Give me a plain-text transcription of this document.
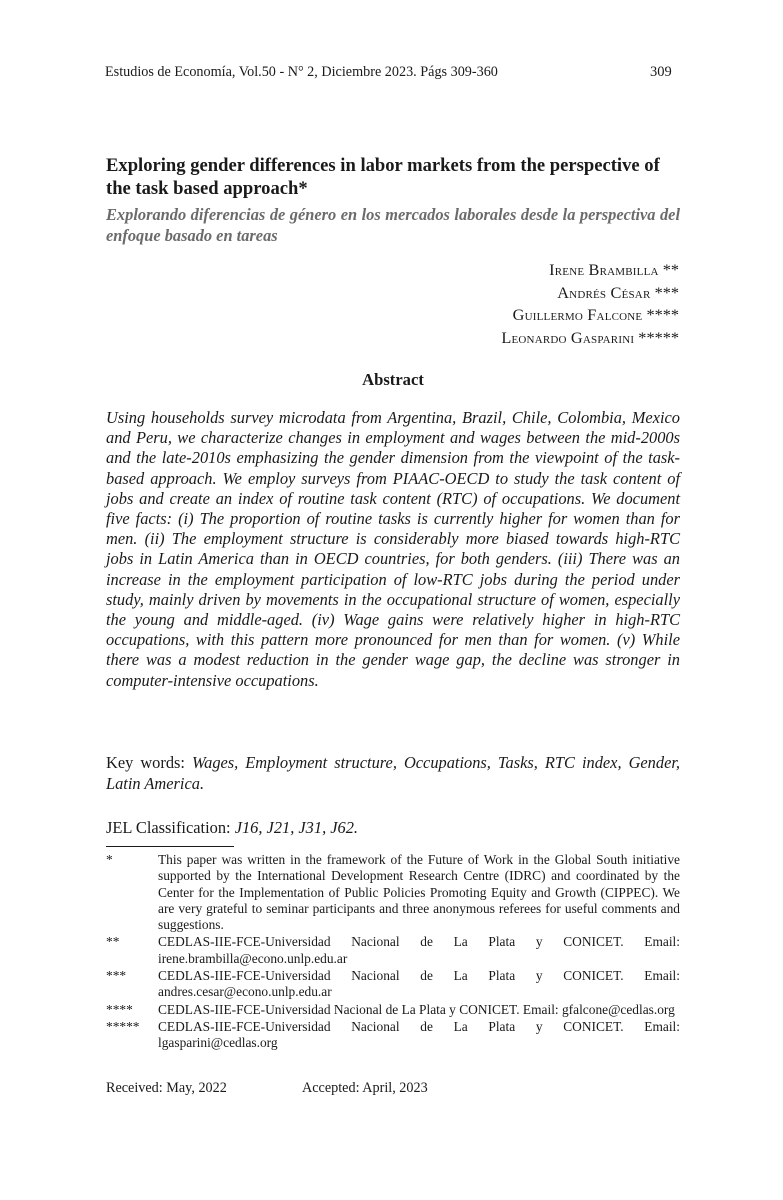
Estudios de Economía, Vol.50 - N° 2, Diciembre 2023. Págs 309-360	309
Exploring gender differences in labor markets from the perspective of the task based approach*
Explorando diferencias de género en los mercados laborales desde la perspectiva del enfoque basado en tareas
Irene Brambilla **
Andrés César ***
Guillermo Falcone ****
Leonardo Gasparini *****
Abstract
Using households survey microdata from Argentina, Brazil, Chile, Colombia, Mexico and Peru, we characterize changes in employment and wages between the mid-2000s and the late-2010s emphasizing the gender dimension from the viewpoint of the task-based approach. We employ surveys from PIAAC-OECD to study the task content of jobs and create an index of routine task content (RTC) of occupations. We document five facts: (i) The proportion of routine tasks is currently higher for women than for men. (ii) The employment structure is considerably more biased towards high-RTC jobs in Latin America than in OECD countries, for both genders. (iii) There was an increase in the employment participation of low-RTC jobs during the period under study, mainly driven by movements in the occupational structure of women, especially the young and middle-aged. (iv) Wage gains were relatively higher in high-RTC occupations, with this pattern more pronounced for men than for women. (v) While there was a modest reduction in the gender wage gap, the decline was stronger in computer-intensive occupations.
Key words: Wages, Employment structure, Occupations, Tasks, RTC index, Gender, Latin America.
JEL Classification: J16, J21, J31, J62.
*	This paper was written in the framework of the Future of Work in the Global South initiative supported by the International Development Research Centre (IDRC) and coordinated by the Center for the Implementation of Public Policies Promoting Equity and Growth (CIPPEC). We are very grateful to seminar participants and three anonymous referees for useful comments and suggestions.
**	CEDLAS-IIE-FCE-Universidad Nacional de La Plata y CONICET. Email: irene.brambilla@econo.unlp.edu.ar
***	CEDLAS-IIE-FCE-Universidad Nacional de La Plata y CONICET. Email: andres.cesar@econo.unlp.edu.ar
****	CEDLAS-IIE-FCE-Universidad Nacional de La Plata y CONICET. Email: gfalcone@cedlas.org
*****	CEDLAS-IIE-FCE-Universidad Nacional de La Plata y CONICET. Email: lgasparini@cedlas.org
Received: May, 2022	Accepted: April, 2023
